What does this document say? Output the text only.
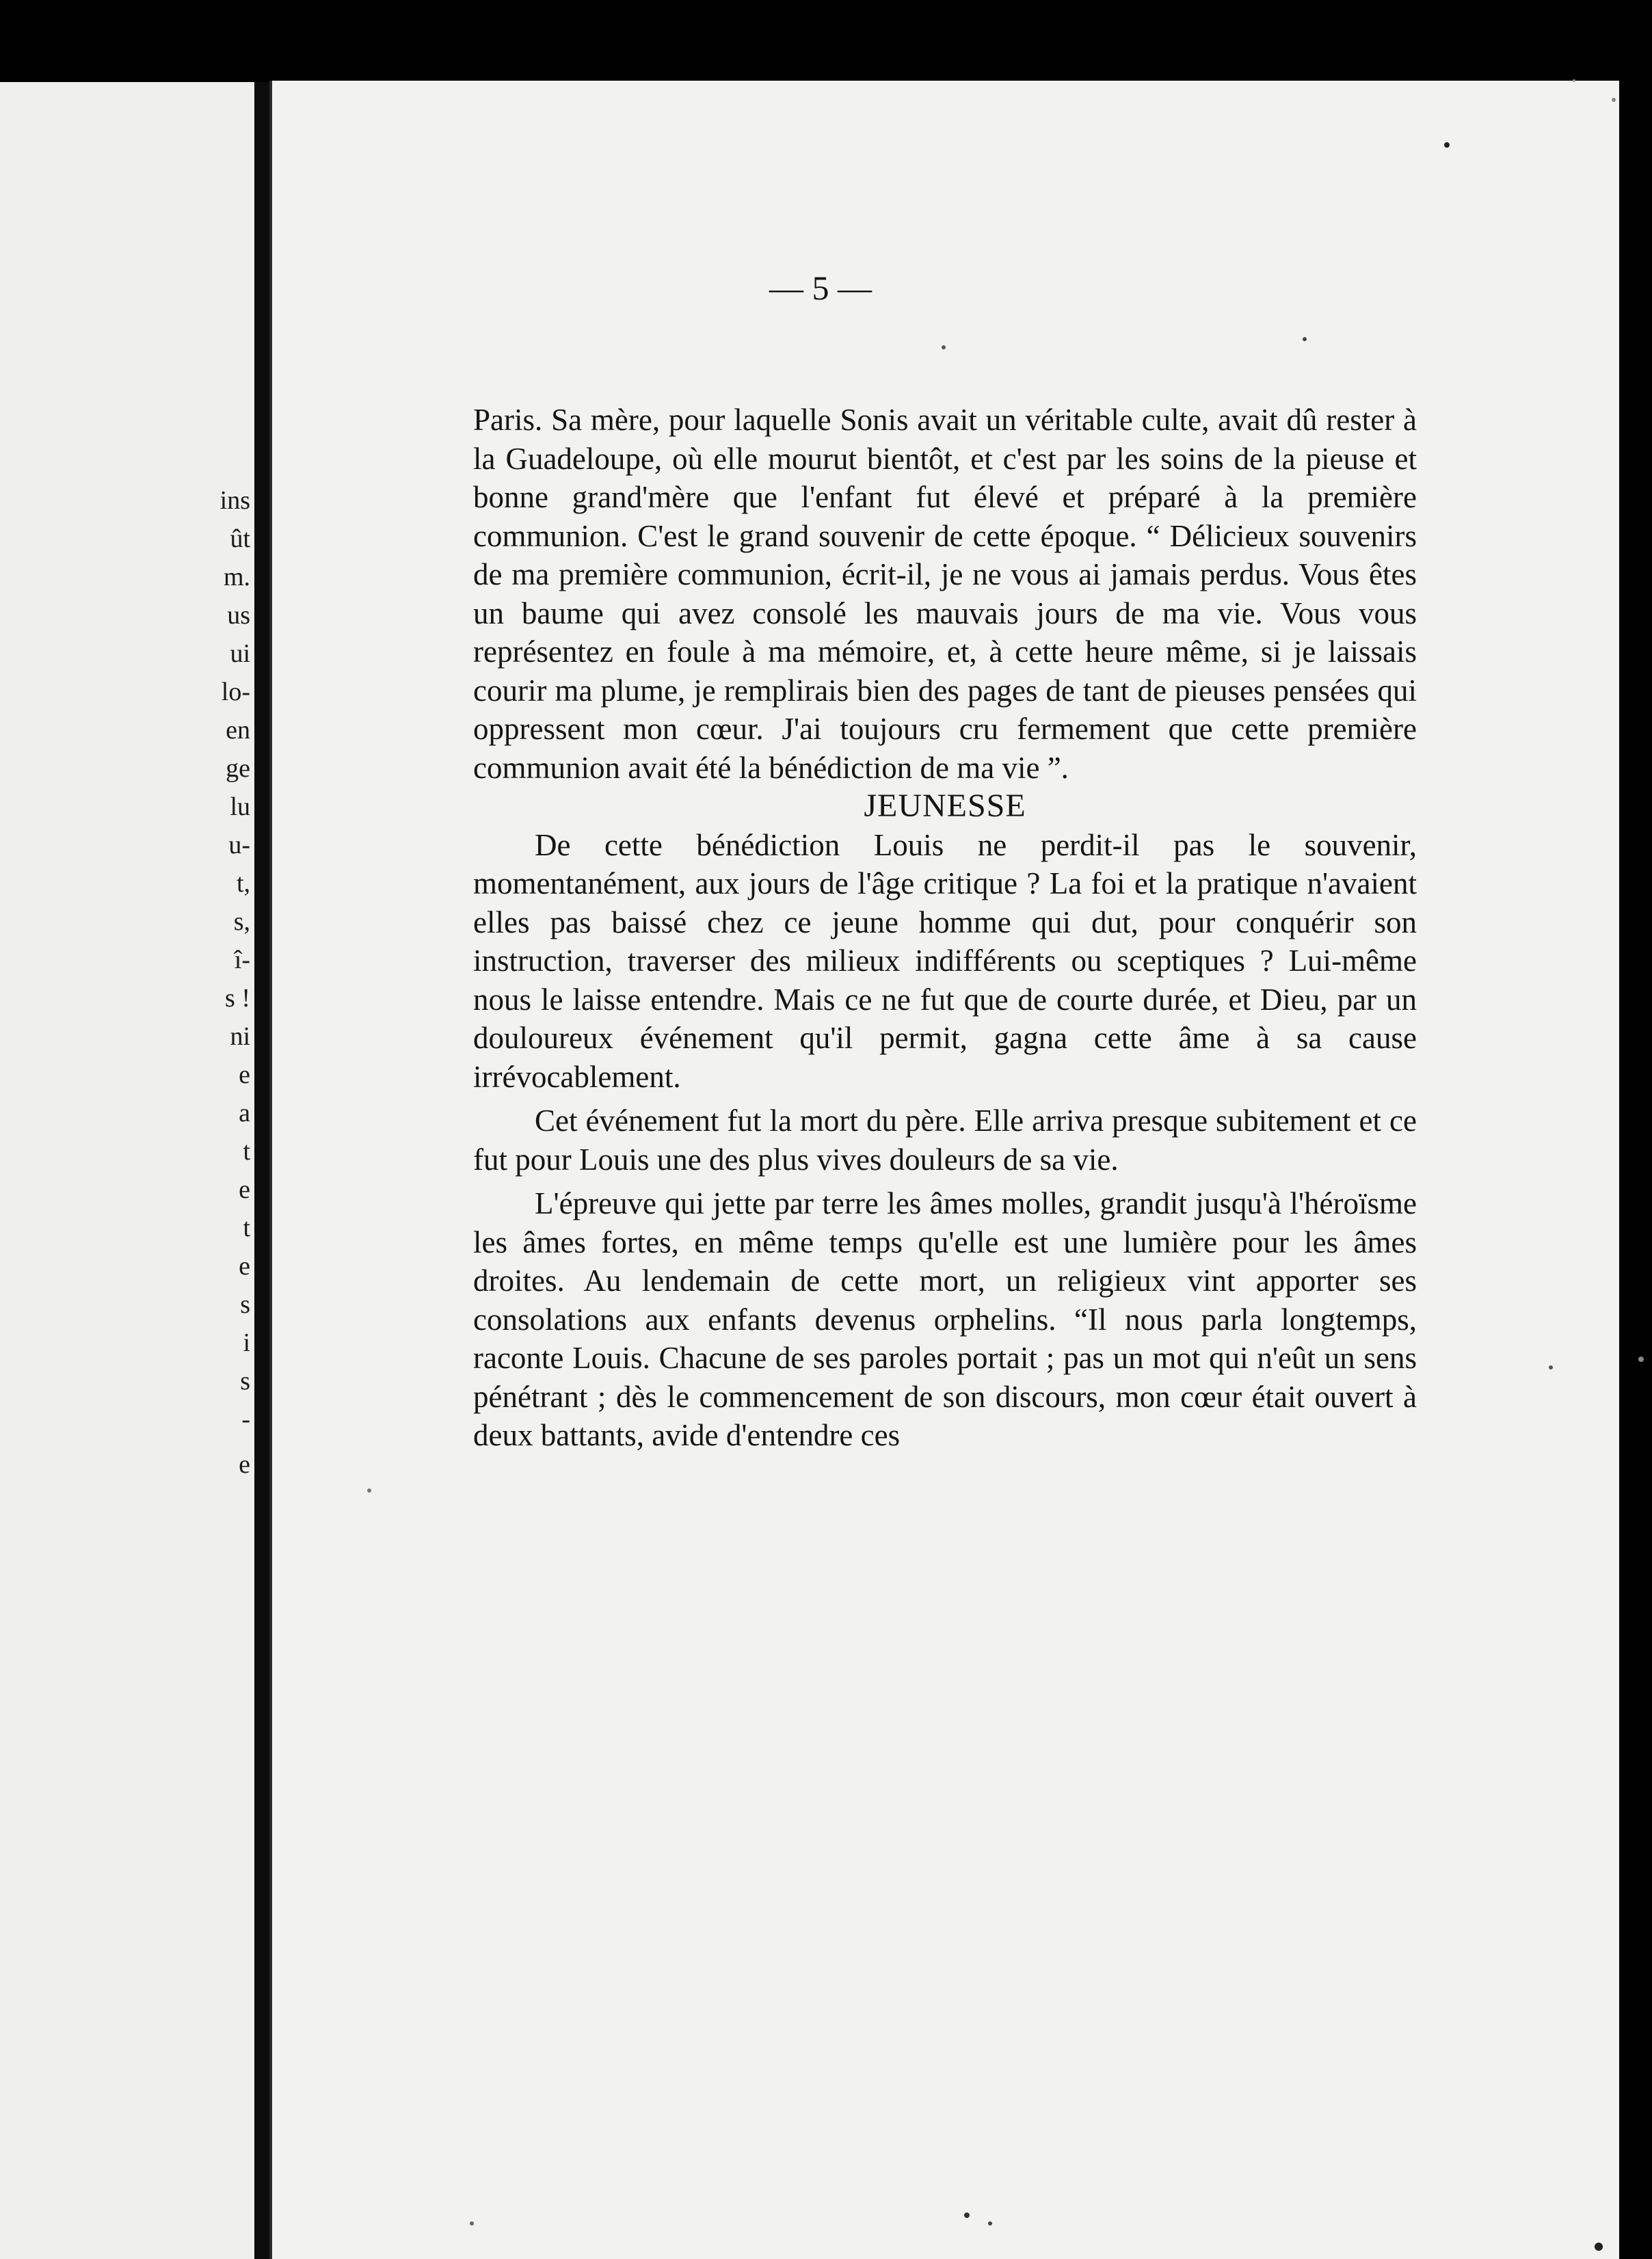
ins
ût
m.
us
ui
lo-
en
ge
lu
u-
t,
s,
î-
s !
ni
e
a
t
e
t
e
s
i
s
-
e
— 5 —

Paris. Sa mère, pour laquelle Sonis avait un véritable culte, avait dû rester à la Guadeloupe, où elle mourut bientôt, et c'est par les soins de la pieuse et bonne grand'mère que l'enfant fut élevé et préparé à la première communion. C'est le grand souvenir de cette époque. “ Délicieux souvenirs de ma première communion, écrit-il, je ne vous ai jamais perdus. Vous êtes un baume qui avez consolé les mauvais jours de ma vie. Vous vous représentez en foule à ma mémoire, et, à cette heure même, si je laissais courir ma plume, je remplirais bien des pages de tant de pieuses pensées qui oppressent mon cœur. J'ai toujours cru fermement que cette première communion avait été la bénédiction de ma vie ”.

JEUNESSE

De cette bénédiction Louis ne perdit-il pas le souvenir, momentanément, aux jours de l'âge critique ? La foi et la pratique n'avaient elles pas baissé chez ce jeune homme qui dut, pour conquérir son instruction, traverser des milieux indifférents ou sceptiques ? Lui-même nous le laisse entendre. Mais ce ne fut que de courte durée, et Dieu, par un douloureux événement qu'il permit, gagna cette âme à sa cause irrévocablement.

Cet événement fut la mort du père. Elle arriva presque subitement et ce fut pour Louis une des plus vives douleurs de sa vie.

L'épreuve qui jette par terre les âmes molles, grandit jusqu'à l'héroïsme les âmes fortes, en même temps qu'elle est une lumière pour les âmes droites. Au lendemain de cette mort, un religieux vint apporter ses consolations aux enfants devenus orphelins. “Il nous parla longtemps, raconte Louis. Chacune de ses paroles portait ; pas un mot qui n'eût un sens pénétrant ; dès le commencement de son discours, mon cœur était ouvert à deux battants, avide d'entendre ces
